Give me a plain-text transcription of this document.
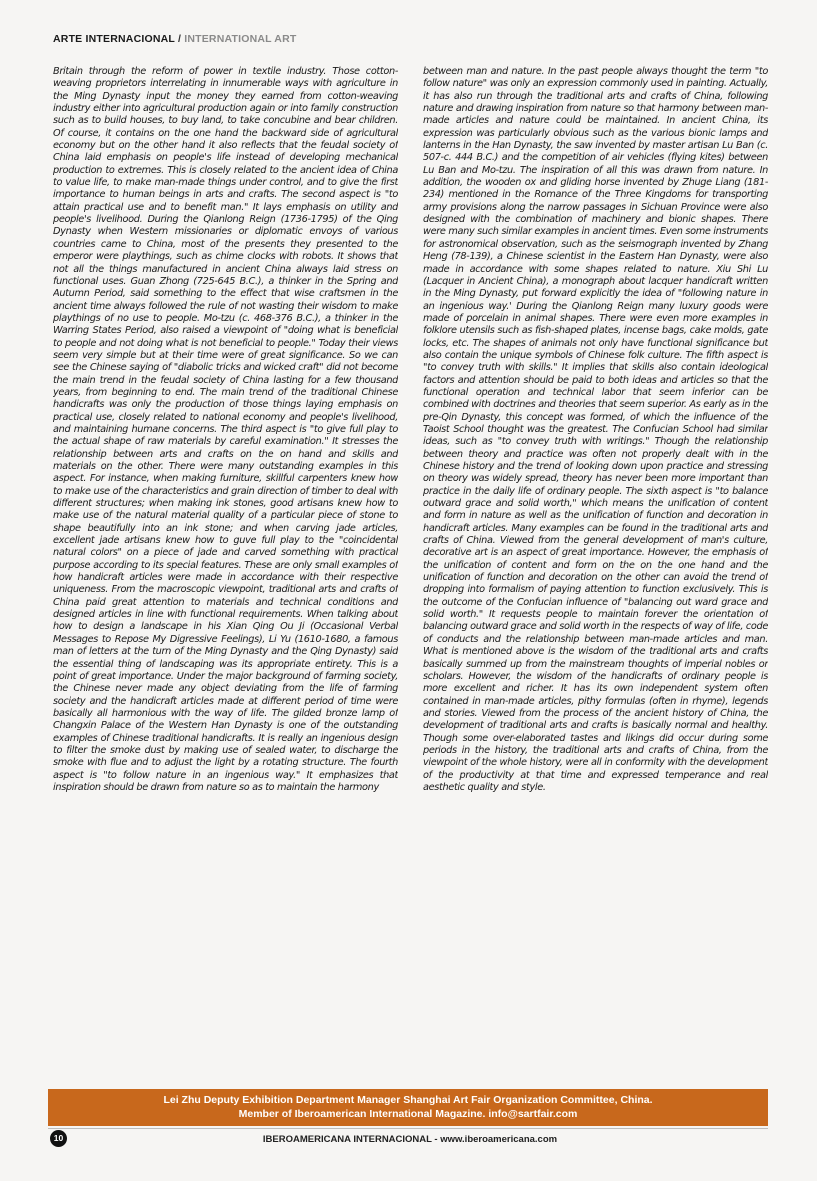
ARTE INTERNACIONAL / INTERNATIONAL ART

Britain through the reform of power in textile industry. Those cotton-weaving proprietors interrelating in innumerable ways with agriculture in the Ming Dynasty input the money they earned from cotton-weaving industry either into agricultural production again or into family construction such as to build houses, to buy land, to take concubine and bear children. Of course, it contains on the one hand the backward side of agricultural economy but on the other hand it also reflects that the feudal society of China laid emphasis on people's life instead of developing mechanical production to extremes. This is closely related to the ancient idea of China to value life, to make man-made things under control, and to give the first importance to human beings in arts and crafts. The second aspect is "to attain practical use and to benefit man." It lays emphasis on utility and people's livelihood. During the Qianlong Reign (1736-1795) of the Qing Dynasty when Western missionaries or diplomatic envoys of various countries came to China, most of the presents they presented to the emperor were playthings, such as chime clocks with robots. It shows that not all the things manufactured in ancient China always laid stress on functional uses. Guan Zhong (725-645 B.C.), a thinker in the Spring and Autumn Period, said something to the effect that wise craftsmen in the ancient time always followed the rule of not wasting their wisdom to make playthings of no use to people. Mo-tzu (c. 468-376 B.C.), a thinker in the Warring States Period, also raised a viewpoint of "doing what is beneficial to people and not doing what is not beneficial to people." Today their views seem very simple but at their time were of great significance. So we can see the Chinese saying of "diabolic tricks and wicked craft" did not become the main trend in the feudal society of China lasting for a few thousand years, from beginning to end. The main trend of the traditional Chinese handicrafts was only the production of those things laying emphasis on practical use, closely related to national economy and people's livelihood, and maintaining humane concerns. The third aspect is "to give full play to the actual shape of raw materials by careful examination." It stresses the relationship between arts and crafts on the on hand and skills and materials on the other. There were many outstanding examples in this aspect. For instance, when making furniture, skillful carpenters knew how to make use of the characteristics and grain direction of timber to deal with different structures; when making ink stones, good artisans knew how to make use of the natural material quality of a particular piece of stone to shape beautifully into an ink stone; and when carving jade articles, excellent jade artisans knew how to guve full play to the "coincidental natural colors" on a piece of jade and carved something with practical purpose according to its special features. These are only small examples of how handicraft articles were made in accordance with their respective uniqueness. From the macroscopic viewpoint, traditional arts and crafts of China paid great attention to materials and technical conditions and designed articles in line with functional requirements. When talking about how to design a landscape in his Xian Qing Ou Ji (Occasional Verbal Messages to Repose My Digressive Feelings), Li Yu (1610-1680, a famous man of letters at the turn of the Ming Dynasty and the Qing Dynasty) said the essential thing of landscaping was its appropriate entirety. This is a point of great importance. Under the major background of farming society, the Chinese never made any object deviating from the life of farming society and the handicraft articles made at different period of time were basically all harmonious with the way of life. The gilded bronze lamp of Changxin Palace of the Western Han Dynasty is one of the outstanding examples of Chinese traditional handicrafts. It is really an ingenious design to filter the smoke dust by making use of sealed water, to discharge the smoke with flue and to adjust the light by a rotating structure. The fourth aspect is "to follow nature in an ingenious way." It emphasizes that inspiration should be drawn from nature so as to maintain the harmony

between man and nature. In the past people always thought the term "to follow nature" was only an expression commonly used in painting. Actually, it has also run through the traditional arts and crafts of China, following nature and drawing inspiration from nature so that harmony between man-made articles and nature could be maintained. In ancient China, its expression was particularly obvious such as the various bionic lamps and lanterns in the Han Dynasty, the saw invented by master artisan Lu Ban (c. 507-c. 444 B.C.) and the competition of air vehicles (flying kites) between Lu Ban and Mo-tzu. The inspiration of all this was drawn from nature. In addition, the wooden ox and gliding horse invented by Zhuge Liang (181-234) mentioned in the Romance of the Three Kingdoms for transporting army provisions along the narrow passages in Sichuan Province were also designed with the combination of machinery and bionic shapes. There were many such similar examples in ancient times. Even some instruments for astronomical observation, such as the seismograph invented by Zhang Heng (78-139), a Chinese scientist in the Eastern Han Dynasty, were also made in accordance with some shapes related to nature. Xiu Shi Lu (Lacquer in Ancient China), a monograph about lacquer handicraft written in the Ming Dynasty, put forward explicitly the idea of "following nature in an ingenious way.' During the Qianlong Reign many luxury goods were made of porcelain in animal shapes. There were even more examples in folklore utensils such as fish-shaped plates, incense bags, cake molds, gate locks, etc. The shapes of animals not only have functional significance but also contain the unique symbols of Chinese folk culture. The fifth aspect is "to convey truth with skills." It implies that skills also contain ideological factors and attention should be paid to both ideas and articles so that the functional operation and technical labor that seem inferior can be combined with doctrines and theories that seem superior. As early as in the pre-Qin Dynasty, this concept was formed, of which the influence of the Taoist School thought was the greatest. The Confucian School had similar ideas, such as "to convey truth with writings." Though the relationship between theory and practice was often not properly dealt with in the Chinese history and the trend of looking down upon practice and stressing on theory was widely spread, theory has never been more important than practice in the daily life of ordinary people. The sixth aspect is "to balance outward grace and solid worth," which means the unification of content and form in nature as well as the unification of function and decoration in handicraft articles. Many examples can be found in the traditional arts and crafts of China. Viewed from the general development of man's culture, decorative art is an aspect of great importance. However, the emphasis of the unification of content and form on the on the one hand and the unification of function and decoration on the other can avoid the trend of dropping into formalism of paying attention to function exclusively. This is the outcome of the Confucian influence of "balancing out ward grace and solid worth." It requests people to maintain forever the orientation of balancing outward grace and solid worth in the respects of way of life, code of conducts and the relationship between man-made articles and man. What is mentioned above is the wisdom of the traditional arts and crafts basically summed up from the mainstream thoughts of imperial nobles or scholars. However, the wisdom of the handicrafts of ordinary people is more excellent and richer. It has its own independent system often contained in man-made articles, pithy formulas (often in rhyme), legends and stories. Viewed from the process of the ancient history of China, the development of traditional arts and crafts is basically normal and healthy. Though some over-elaborated tastes and likings did occur during some periods in the history, the traditional arts and crafts of China, from the viewpoint of the whole history, were all in conformity with the development of the productivity at that time and expressed temperance and real aesthetic quality and style.

Lei Zhu Deputy Exhibition Department Manager Shanghai Art Fair Organization Committee, China.
Member of Iberoamerican International Magazine. info@sartfair.com
10	IBEROAMERICANA INTERNACIONAL - www.iberoamericana.com
